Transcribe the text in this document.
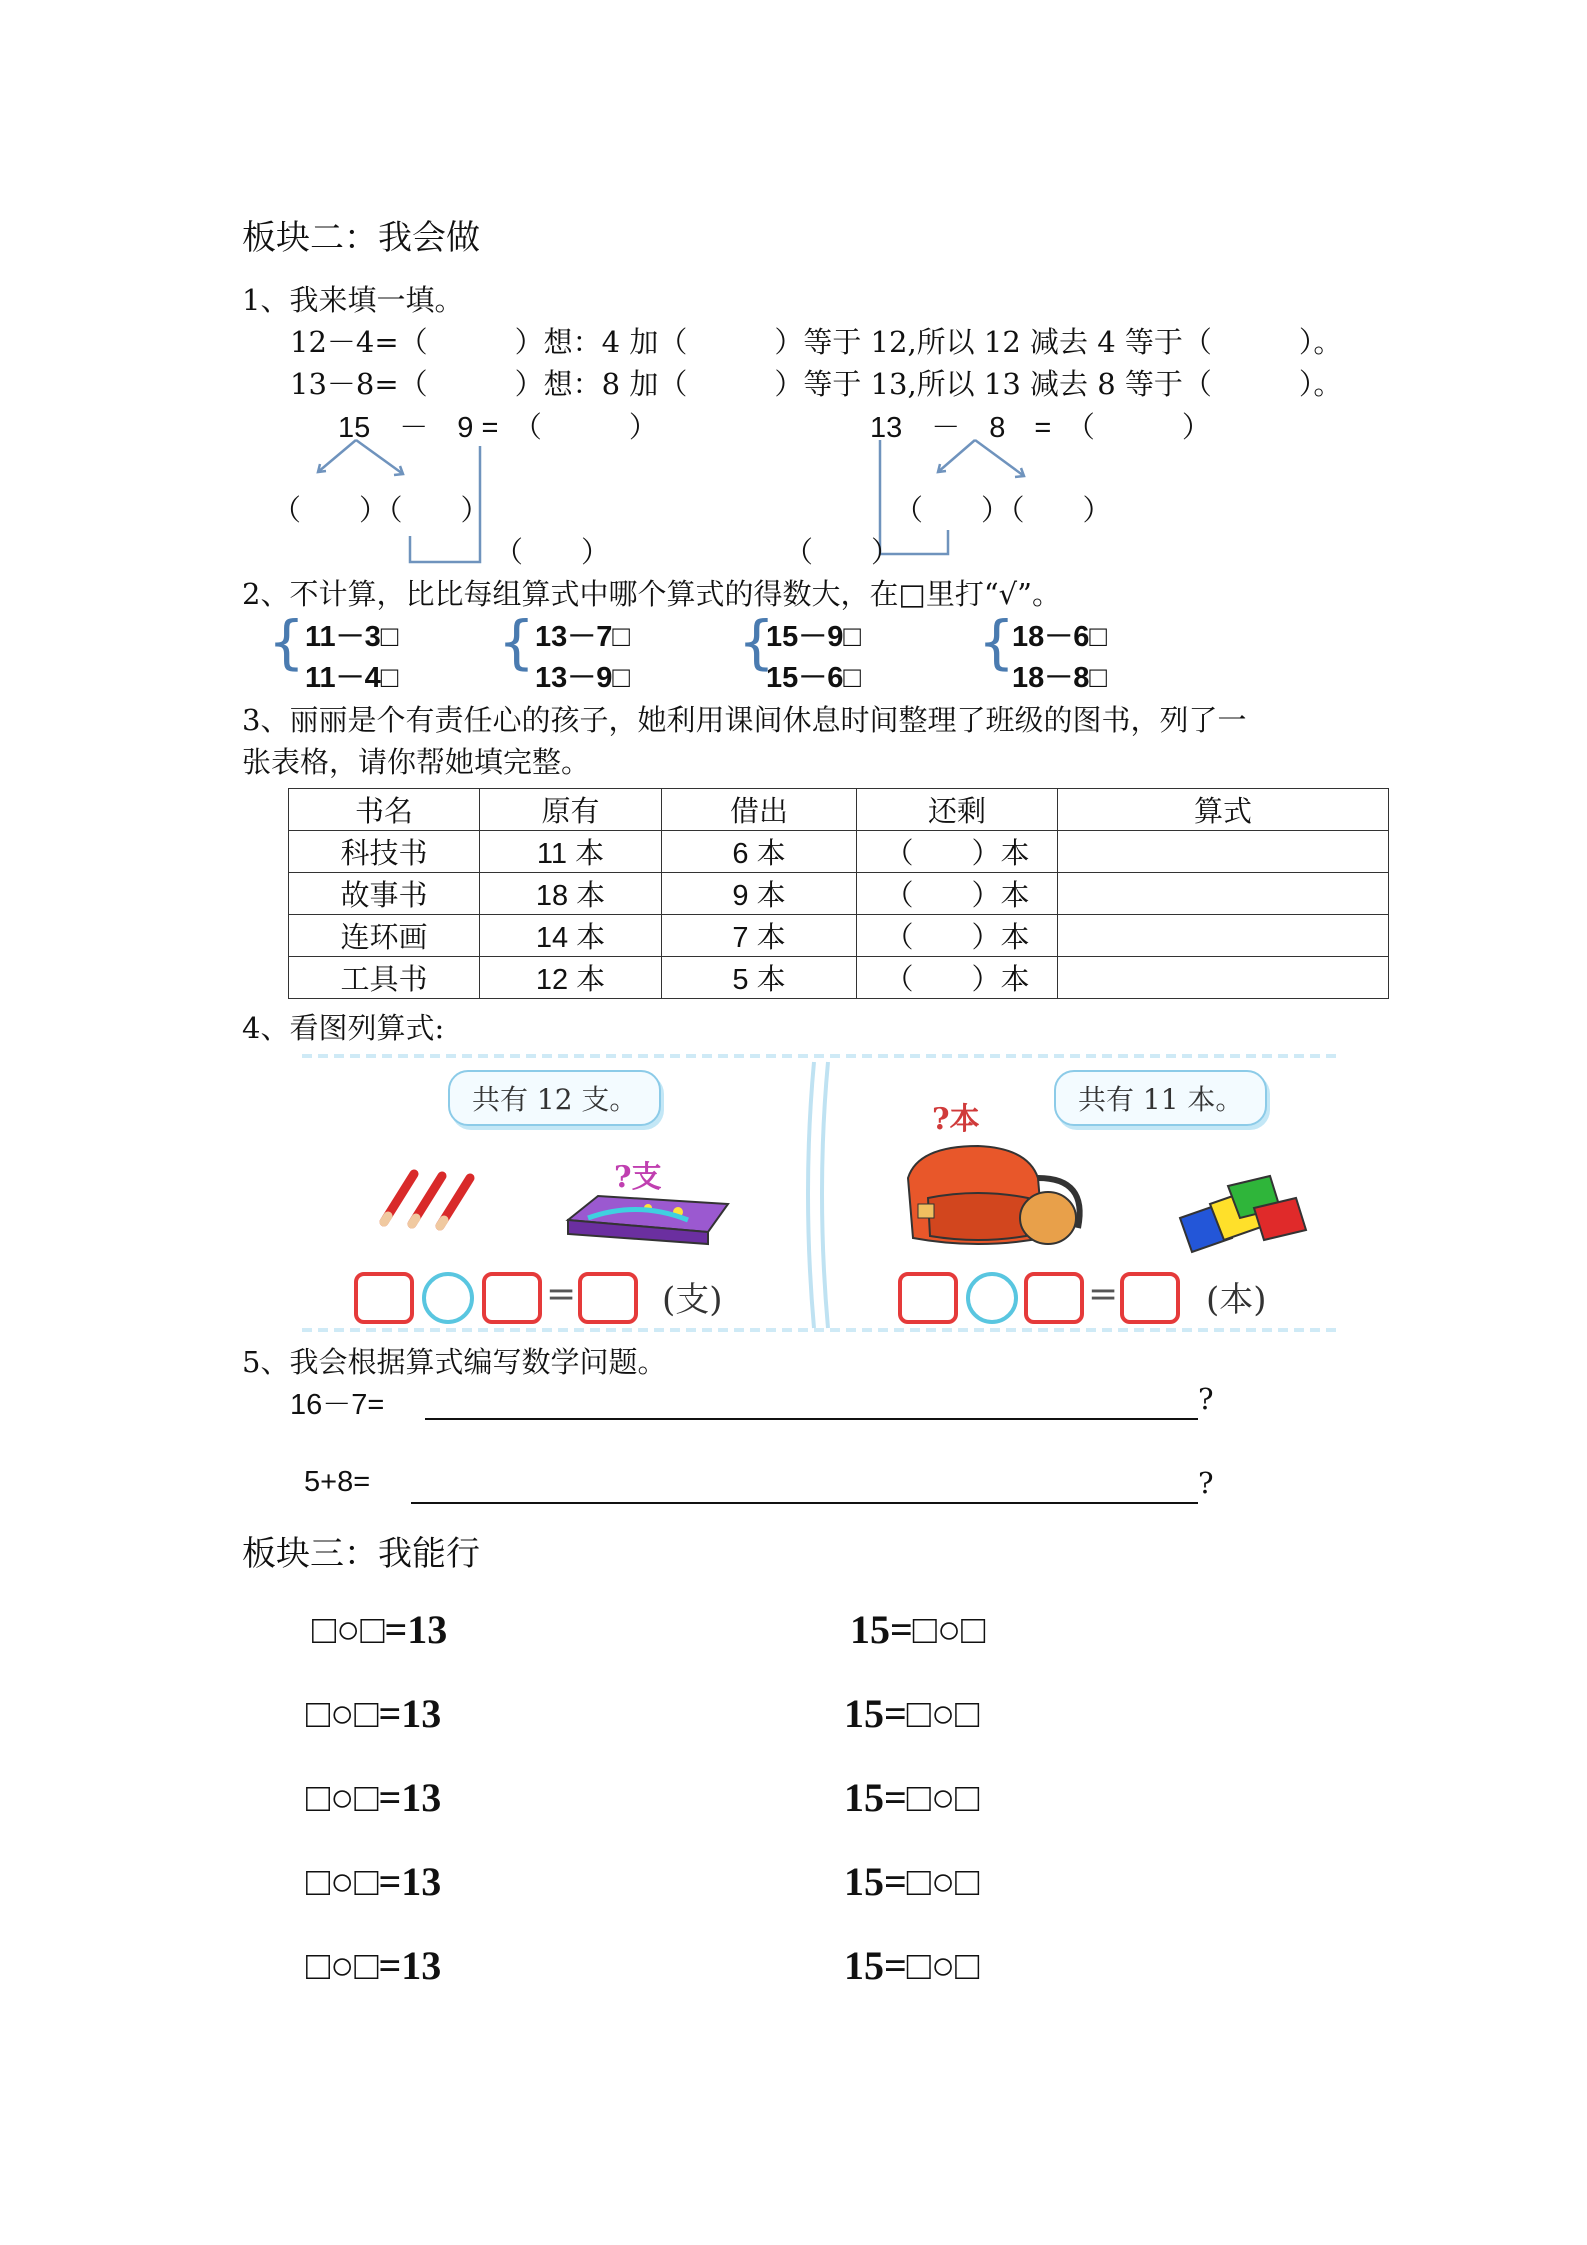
板块二：我会做
1、我来填一填。
12－4=（　　　）想：4 加（　　　）等于 12,所以 12 减去 4 等于（　　　）。
13－8=（　　　）想：8 加（　　　）等于 13,所以 13 减去 8 等于（　　　）。
15　－　9 =　（　　　）	13　－　8　=　（　　　）
（　　）（　　）
（　　）
（　　）（　　）
（　　）
2、不计算，比比每组算式中哪个算式的得数大，在□里打“√”。
{ 11－3□
11－4□
{ 13－7□
13－9□
{
15－9□
15－6□
{
18－6□
18－8□
3、丽丽是个有责任心的孩子，她利用课间休息时间整理了班级的图书，列了一
张表格，请你帮她填完整。
书名	原有	借出	还剩	算式
科技书	11 本	6 本	（　　）本	
故事书	18 本	9 本	（　　）本	
连环画	14 本	7 本	（　　）本	
工具书	12 本	5 本	（　　）本	
4、看图列算式:
共有 12 支。
?支
=	(支)
共有 11 本。
?本
=	(本)
5、我会根据算式编写数学问题。
16－7=	?
5+8=	?
板块三：我能行
□○□=13
□○□=13
□○□=13
□○□=13
□○□=13
15=□○□
15=□○□
15=□○□
15=□○□
15=□○□
